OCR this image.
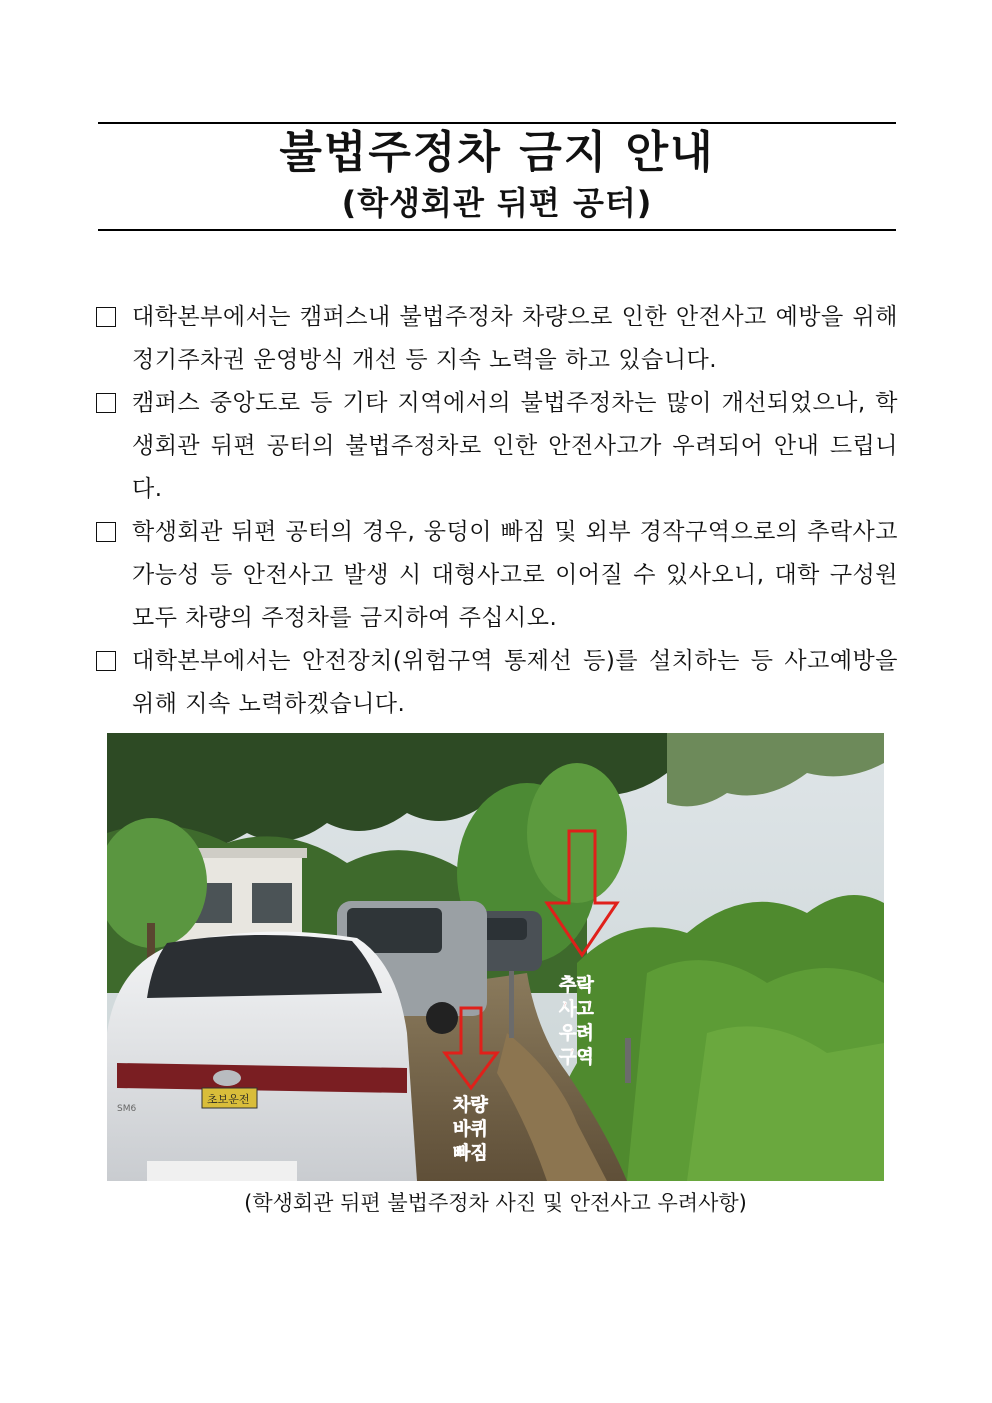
불법주정차 금지 안내
(학생회관 뒤편 공터)
대학본부에서는 캠퍼스내 불법주정차 차량으로 인한 안전사고 예방을 위해 정기주차권 운영방식 개선 등 지속 노력을 하고 있습니다.
캠퍼스 중앙도로 등 기타 지역에서의 불법주정차는 많이 개선되었으나, 학생회관 뒤편 공터의 불법주정차로 인한 안전사고가 우려되어 안내 드립니다.
학생회관 뒤편 공터의 경우, 웅덩이 빠짐 및 외부 경작구역으로의 추락사고 가능성 등 안전사고 발생 시 대형사고로 이어질 수 있사오니, 대학 구성원 모두 차량의 주정차를 금지하여 주십시오.
대학본부에서는 안전장치(위험구역 통제선 등)를 설치하는 등 사고예방을 위해 지속 노력하겠습니다.
초보운전
SM6
추락
사고
우려
구역
차량
바퀴
빠짐
(학생회관 뒤편 불법주정차 사진 및 안전사고 우려사항)
